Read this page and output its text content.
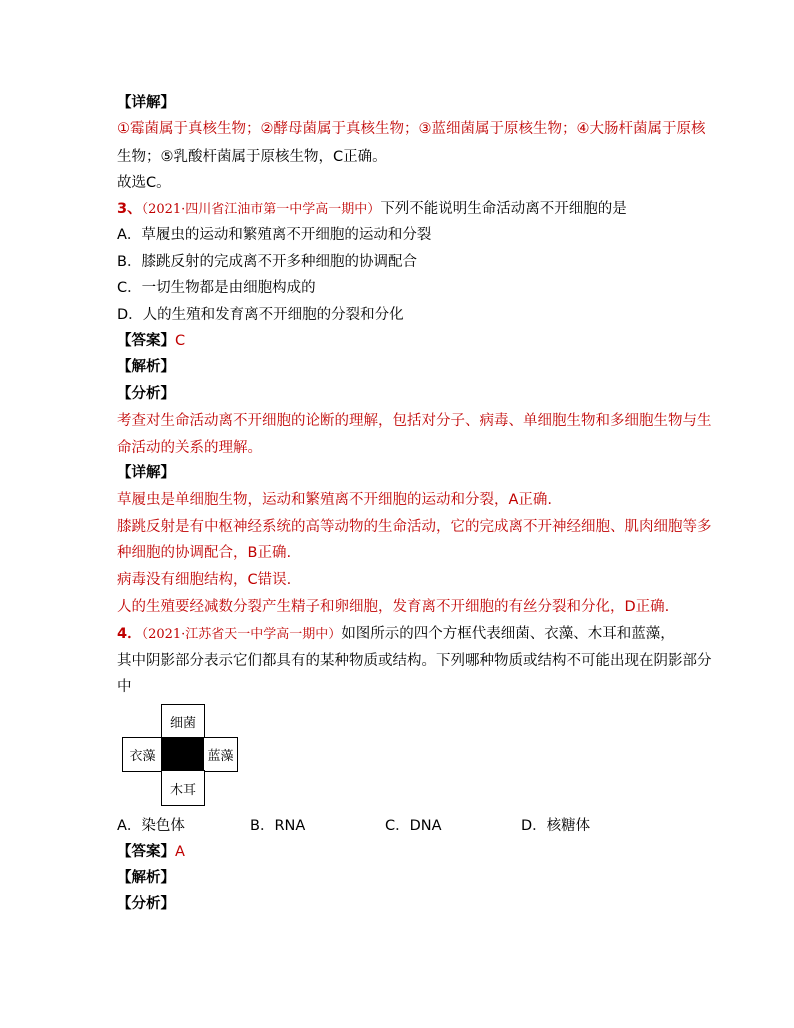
【详解】
①霉菌属于真核生物；②酵母菌属于真核生物；③蓝细菌属于原核生物；④大肠杆菌属于原核
生物；⑤乳酸杆菌属于原核生物，C正确。
故选C。
3、（2021·四川省江油市第一中学高一期中）下列不能说明生命活动离不开细胞的是
A．草履虫的运动和繁殖离不开细胞的运动和分裂
B．膝跳反射的完成离不开多种细胞的协调配合
C．一切生物都是由细胞构成的
D．人的生殖和发育离不开细胞的分裂和分化
【答案】C
【解析】
【分析】
考查对生命活动离不开细胞的论断的理解，包括对分子、病毒、单细胞生物和多细胞生物与生
命活动的关系的理解。
【详解】
草履虫是单细胞生物，运动和繁殖离不开细胞的运动和分裂，A正确.
膝跳反射是有中枢神经系统的高等动物的生命活动，它的完成离不开神经细胞、肌肉细胞等多
种细胞的协调配合，B正确.
病毒没有细胞结构，C错误.
人的生殖要经减数分裂产生精子和卵细胞，发育离不开细胞的有丝分裂和分化，D正确.
4．（2021·江苏省天一中学高一期中）如图所示的四个方框代表细菌、衣藻、木耳和蓝藻，
其中阴影部分表示它们都具有的某种物质或结构。下列哪种物质或结构不可能出现在阴影部分
中
细菌
衣藻	蓝藻
木耳
A．染色体	B．RNA	C．DNA	D．核糖体
【答案】A
【解析】
【分析】
